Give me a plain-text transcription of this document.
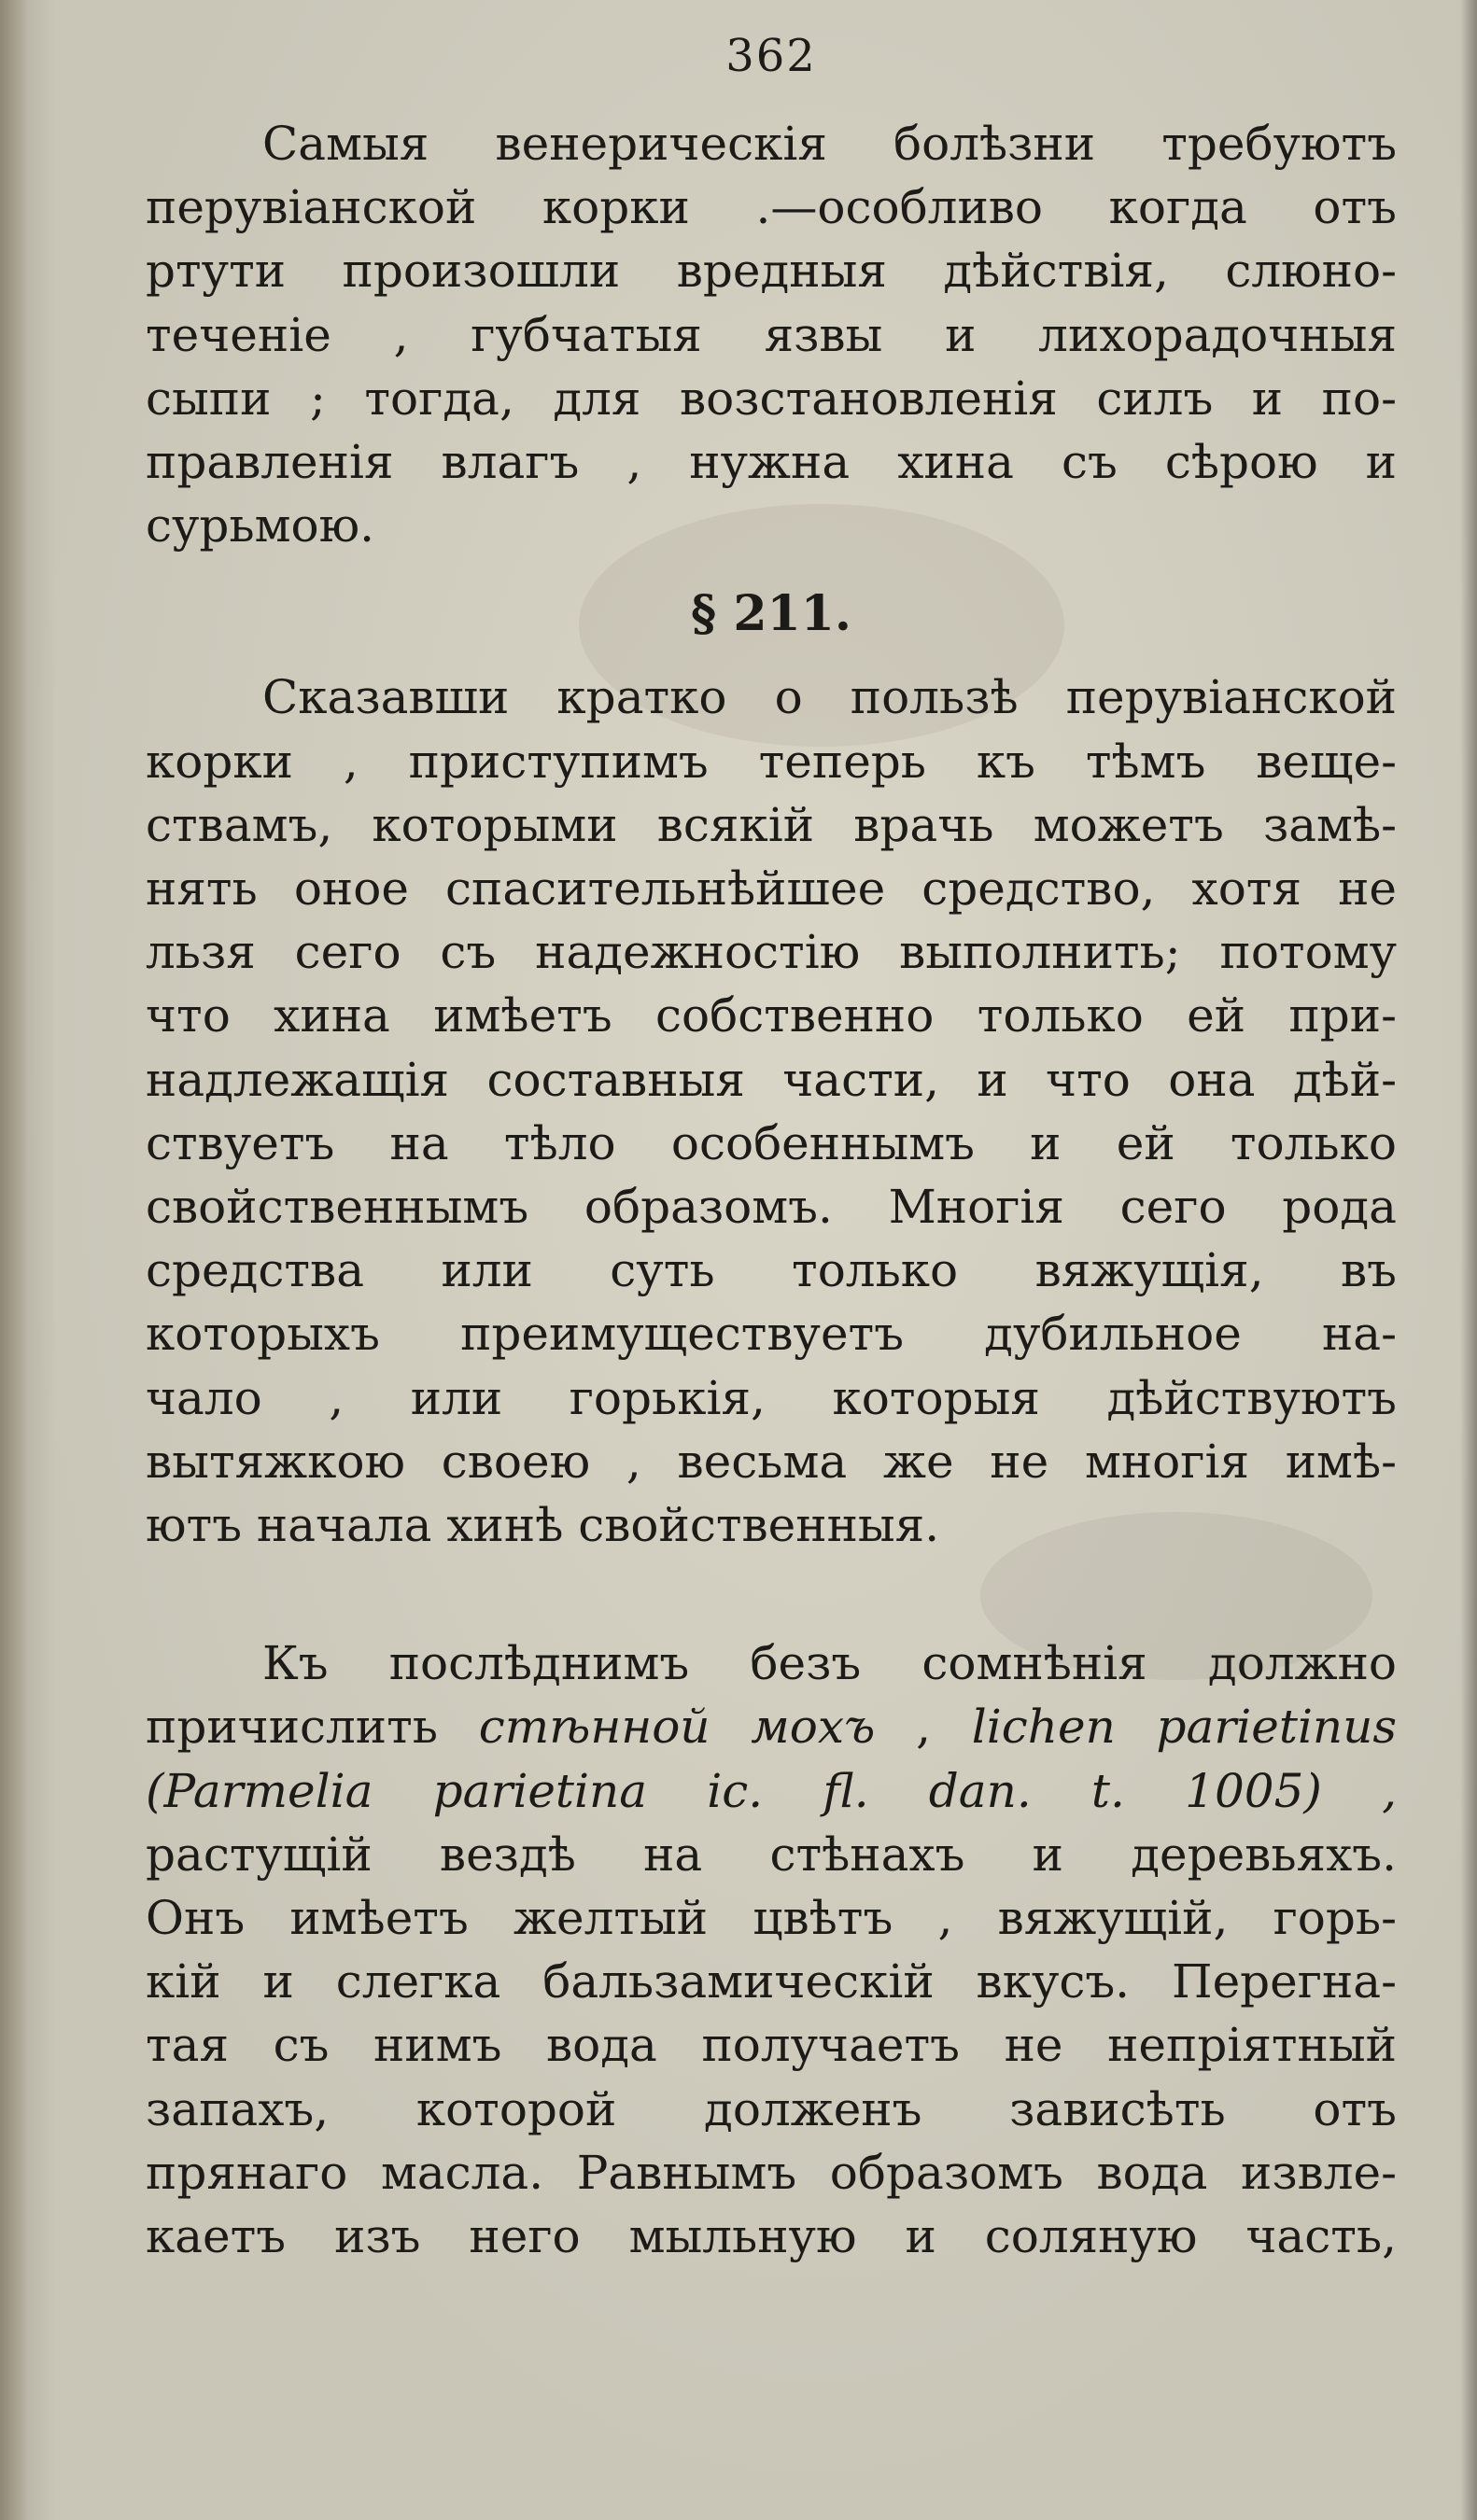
362
Самыя венерическія болѣзни требуютъ
перувіанской корки .—особливо когда отъ
ртути произошли вредныя дѣйствія, слюно-
теченіе , губчатыя язвы и лихорадочныя
сыпи ; тогда, для возстановленія силъ и по-
правленія влагъ , нужна хина съ сѣрою и
сурьмою.
§ 211.
Сказавши кратко о пользѣ перувіанской
корки , приступимъ теперь къ тѣмъ веще-
ствамъ, которыми всякій врачь можетъ замѣ-
нять оное спасительнѣйшее средство, хотя не
льзя сего съ надежностію выполнить; потому
что хина имѣетъ собственно только ей при-
надлежащія составныя части, и что она дѣй-
ствуетъ на тѣло особеннымъ и ей только
свойственнымъ образомъ. Многія сего рода
средства или суть только вяжущія, въ
которыхъ преимуществуетъ дубильное на-
чало , или горькія, которыя дѣйствуютъ
вытяжкою своею , весьма же не многія имѣ-
ютъ начала хинѣ свойственныя.
Къ послѣднимъ безъ сомнѣнія должно
причислить стѣнной мохъ , lichen parietinus
(Parmelia parietina ic. fl. dan. t. 1005) ,
растущій вездѣ на стѣнахъ и деревьяхъ.
Онъ имѣетъ желтый цвѣтъ , вяжущій, горь-
кій и слегка бальзамическій вкусъ. Перегна-
тая съ нимъ вода получаетъ не непріятный
запахъ, которой долженъ зависѣть отъ
прянаго масла. Равнымъ образомъ вода извле-
каетъ изъ него мыльную и соляную часть,
